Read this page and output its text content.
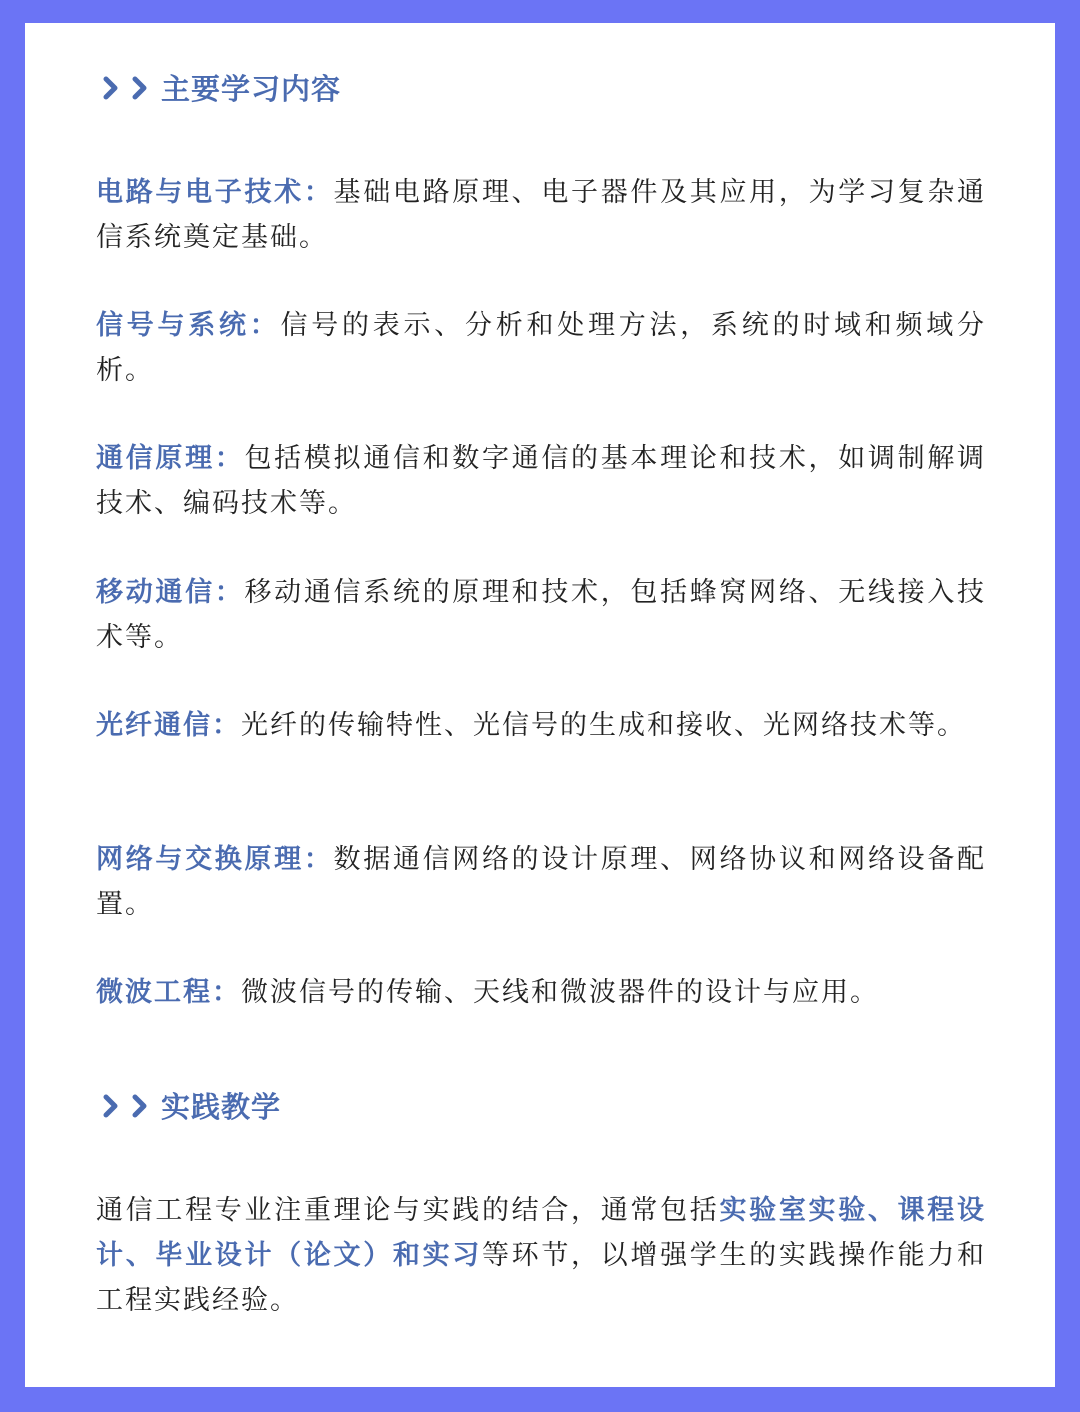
主要学习内容

电路与电子技术：基础电路原理、电子器件及其应用，为学习复杂通信系统奠定基础。

信号与系统：信号的表示、分析和处理方法，系统的时域和频域分析。

通信原理：包括模拟通信和数字通信的基本理论和技术，如调制解调技术、编码技术等。

移动通信：移动通信系统的原理和技术，包括蜂窝网络、无线接入技术等。

光纤通信：光纤的传输特性、光信号的生成和接收、光网络技术等。

网络与交换原理：数据通信网络的设计原理、网络协议和网络设备配置。

微波工程：微波信号的传输、天线和微波器件的设计与应用。

实践教学

通信工程专业注重理论与实践的结合，通常包括实验室实验、课程设计、毕业设计（论文）和实习等环节，以增强学生的实践操作能力和工程实践经验。
